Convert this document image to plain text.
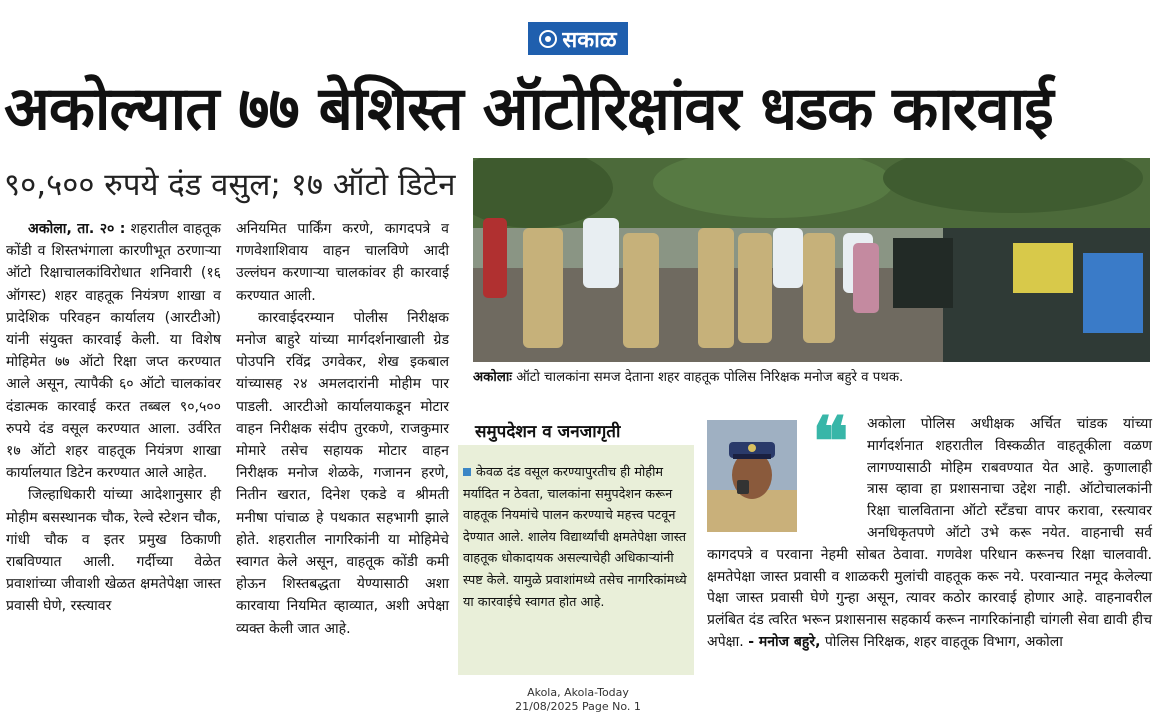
सकाळ
अकोल्यात ७७ बेशिस्त ऑटोरिक्षांवर धडक कारवाई
९०,५०० रुपये दंड वसुल; १७ ऑटो डिटेन

अकोला, ता. २० : शहरातील वाहतूक कोंडी व शिस्तभंगाला कारणीभूत ठरणाऱ्या ऑटो रिक्षाचालकांविरोधात शनिवारी (१६ ऑगस्ट) शहर वाहतूक नियंत्रण शाखा व प्रादेशिक परिवहन कार्यालय (आरटीओ) यांनी संयुक्त कारवाई केली. या विशेष मोहिमेत ७७ ऑटो रिक्षा जप्त करण्यात आले असून, त्यापैकी ६० ऑटो चालकांवर दंडात्मक कारवाई करत तब्बल ९०,५०० रुपये दंड वसूल करण्यात आला. उर्वरित १७ ऑटो शहर वाहतूक नियंत्रण शाखा कार्यालयात डिटेन करण्यात आले आहेत.

जिल्हाधिकारी यांच्या आदेशानुसार ही मोहीम बसस्थानक चौक, रेल्वे स्टेशन चौक, गांधी चौक व इतर प्रमुख ठिकाणी राबविण्यात आली. गर्दीच्या वेळेत प्रवाशांच्या जीवाशी खेळत क्षमतेपेक्षा जास्त प्रवासी घेणे, रस्त्यावर

अनियमित पार्किंग करणे, कागदपत्रे व गणवेशाशिवाय वाहन चालविणे आदी उल्लंघन करणाऱ्या चालकांवर ही कारवाई करण्यात आली.

कारवाईदरम्यान पोलीस निरीक्षक मनोज बाहुरे यांच्या मार्गदर्शनाखाली ग्रेड पोउपनि रविंद्र उगवेकर, शेख इकबाल यांच्यासह २४ अमलदारांनी मोहीम पार पाडली. आरटीओ कार्यालयाकडून मोटार वाहन निरीक्षक संदीप तुरकणे, राजकुमार मोमारे तसेच सहायक मोटार वाहन निरीक्षक मनोज शेळके, गजानन हरणे, नितीन खरात, दिनेश एकडे व श्रीमती मनीषा पांचाळ हे पथकात सहभागी झाले होते. शहरातील नागरिकांनी या मोहिमेचे स्वागत केले असून, वाहतूक कोंडी कमी होऊन शिस्तबद्धता येण्यासाठी अशा कारवाया नियमित व्हाव्यात, अशी अपेक्षा व्यक्त केली जात आहे.

अकोलाः ऑटो चालकांना समज देताना शहर वाहतूक पोलिस निरिक्षक मनोज बहुरे व पथक.
समुपदेशन व जनजागृती
केवळ दंड वसूल करण्यापुरतीच ही मोहीम मर्यादित न ठेवता, चालकांना समुपदेशन करून वाहतूक नियमांचे पालन करण्याचे महत्त्व पटवून देण्यात आले. शालेय विद्यार्थ्यांची क्षमतेपेक्षा जास्त वाहतूक धोकादायक असल्याचेही अधिकाऱ्यांनी स्पष्ट केले. यामुळे प्रवाशांमध्ये तसेच नागरिकांमध्ये या कारवाईचे स्वागत होत आहे.
अकोला पोलिस अधीक्षक अर्चित चांडक यांच्या मार्गदर्शनात शहरातील विस्कळीत वाहतूकीला वळण लागण्यासाठी मोहिम राबवण्यात येत आहे. कुणालाही त्रास व्हावा हा प्रशासनाचा उद्देश नाही. ऑटोचालकांनी रिक्षा चालविताना ऑटो स्टॅंडचा वापर करावा, रस्त्यावर अनधिकृतपणे ऑटो उभे करू नयेत. वाहनाची सर्व कागदपत्रे व परवाना नेहमी सोबत ठेवावा. गणवेश परिधान करूनच रिक्षा चालवावी. क्षमतेपेक्षा जास्त प्रवासी व शाळकरी मुलांची वाहतूक करू नये. परवान्यात नमूद केलेल्या पेक्षा जास्त प्रवासी घेणे गुन्हा असून, त्यावर कठोर कारवाई होणार आहे. वाहनावरील प्रलंबित दंड त्वरित भरून प्रशासनास सहकार्य करून नागरिकांनाही चांगली सेवा द्यावी हीच अपेक्षा. - मनोज बहुरे, पोलिस निरिक्षक, शहर वाहतूक विभाग, अकोला
❝
Akola, Akola-Today
21/08/2025 Page No. 1
